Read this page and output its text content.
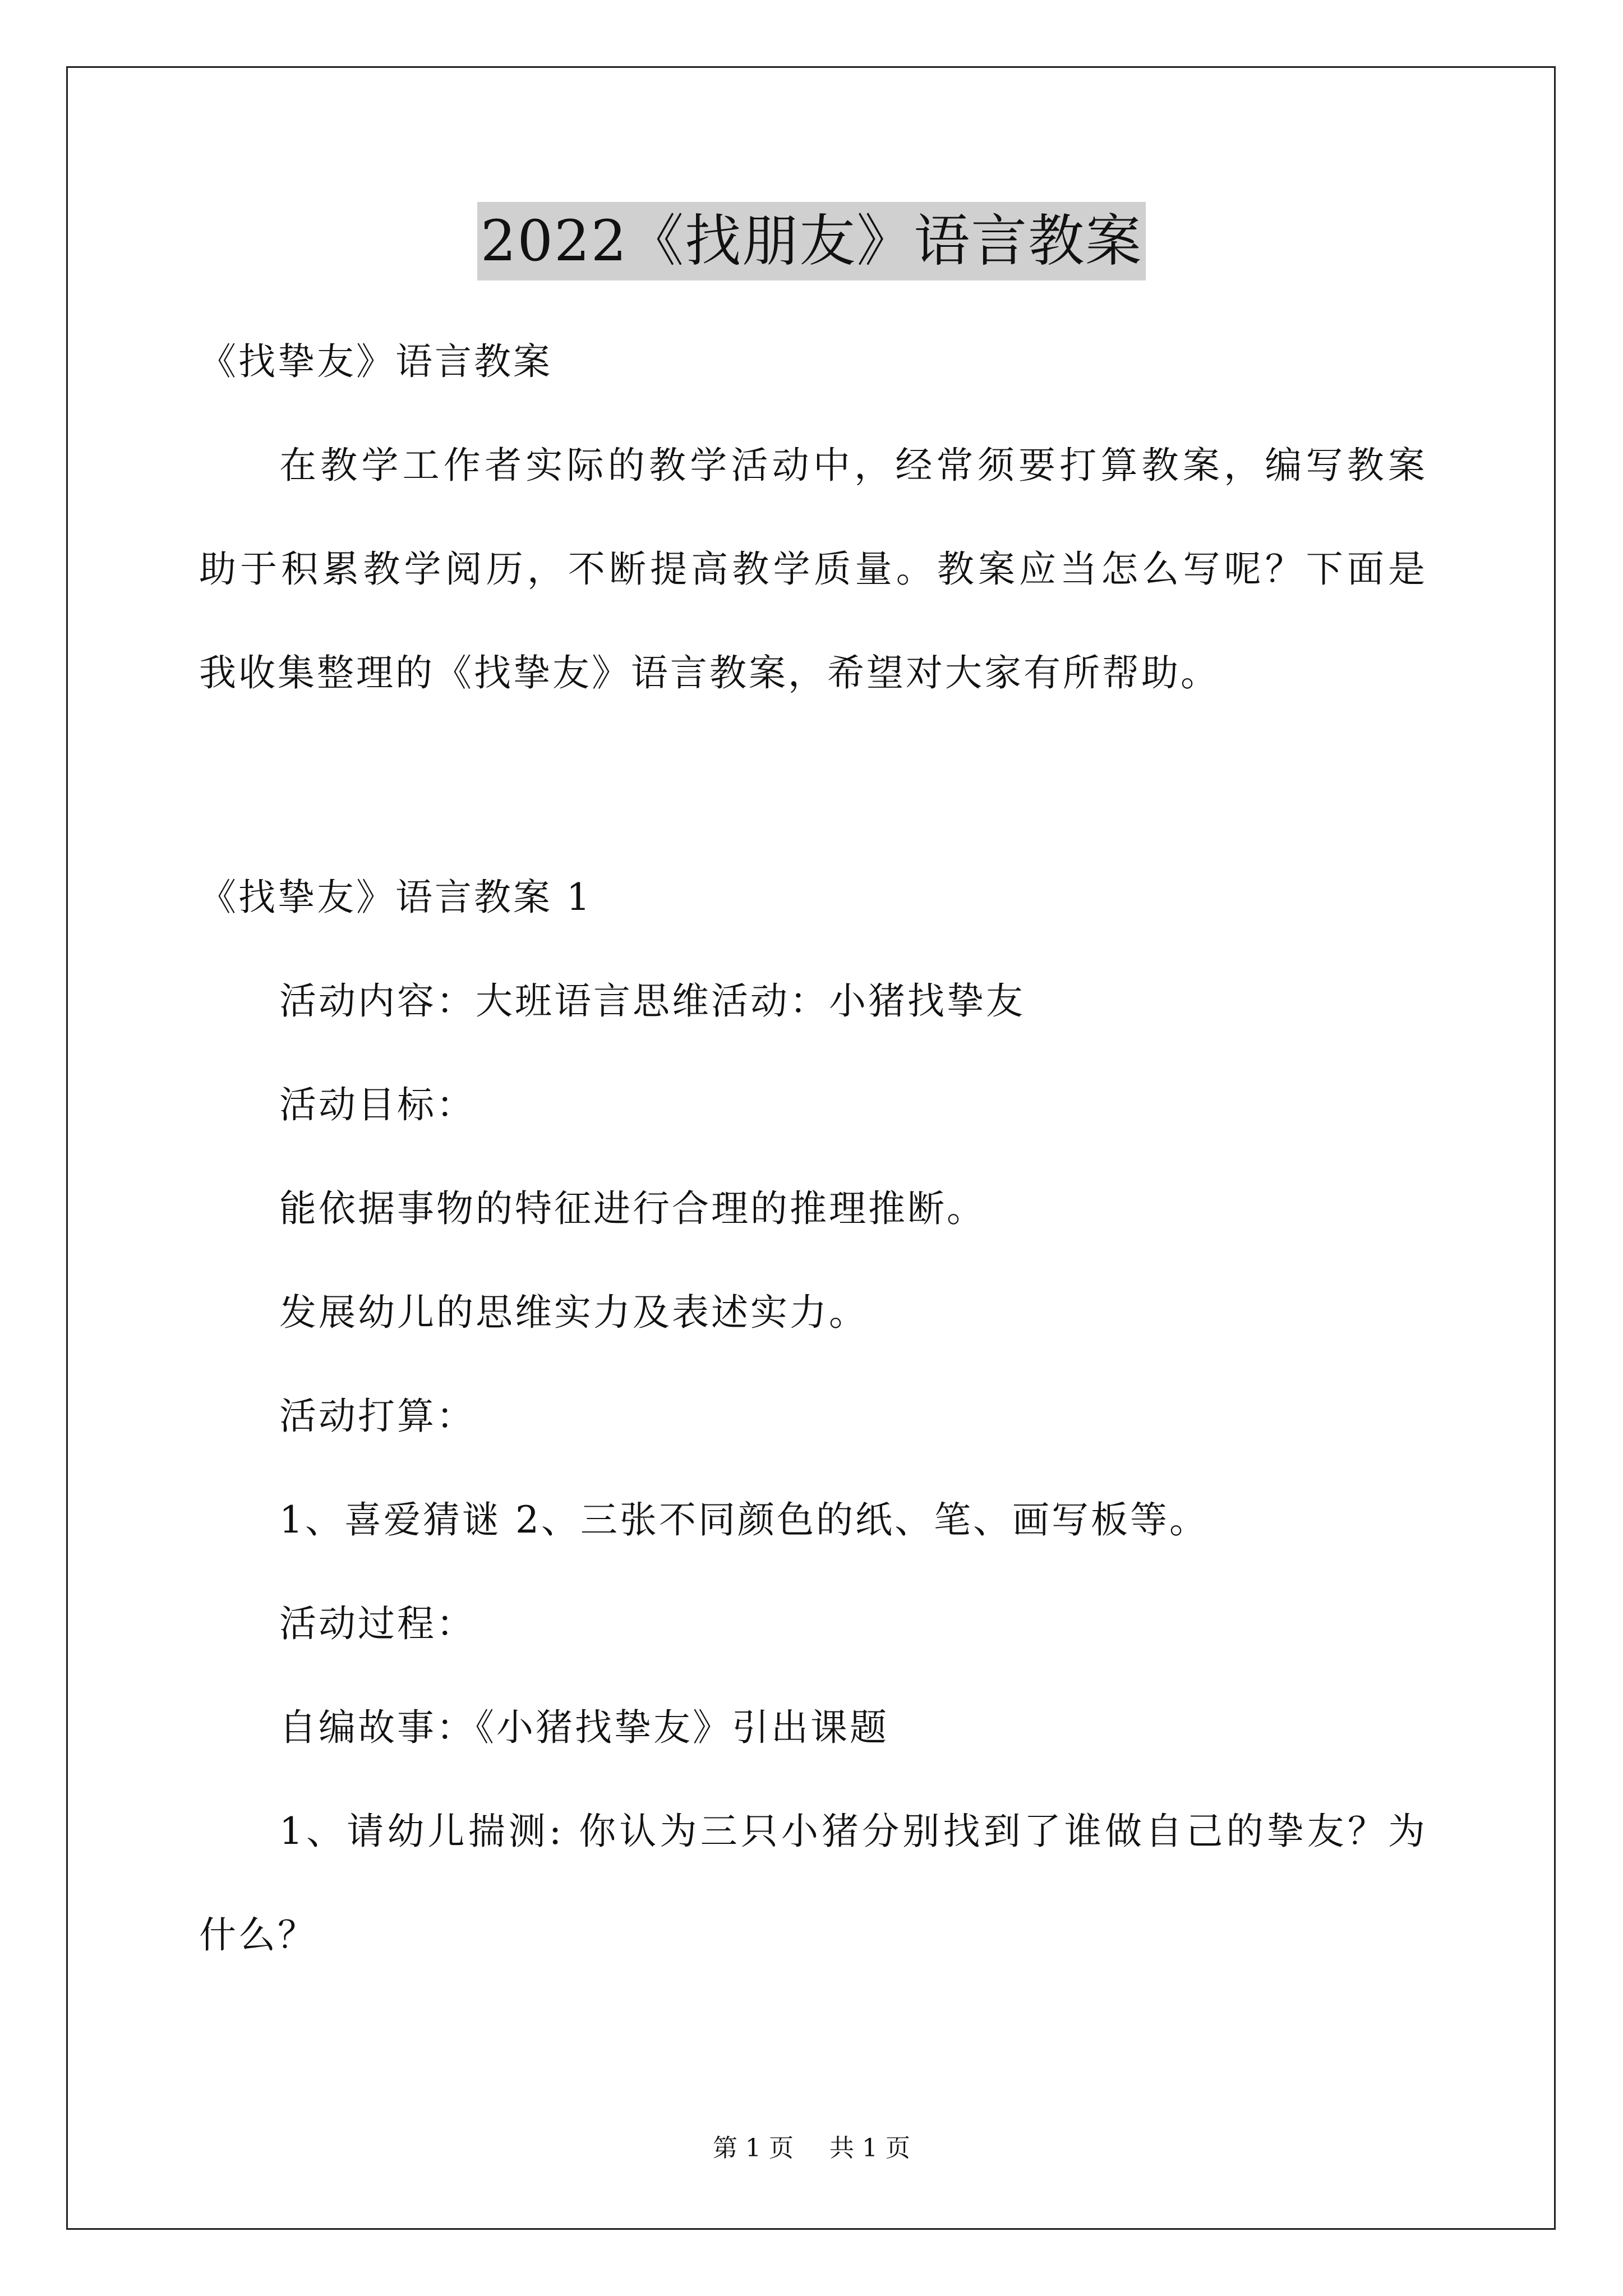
2022《找朋友》语言教案
《找挚友》语言教案
在教学工作者实际的教学活动中，经常须要打算教案，编写教案
助于积累教学阅历，不断提高教学质量。教案应当怎么写呢？下面是
我收集整理的《找挚友》语言教案，希望对大家有所帮助。
《找挚友》语言教案 1
活动内容：大班语言思维活动：小猪找挚友
活动目标：
能依据事物的特征进行合理的推理推断。
发展幼儿的思维实力及表述实力。
活动打算：
1、喜爱猜谜 2、三张不同颜色的纸、笔、画写板等。
活动过程：
自编故事：《小猪找挚友》引出课题
1、请幼儿揣测: 你认为三只小猪分别找到了谁做自己的挚友？为
什么？
第 1 页 共 1 页
